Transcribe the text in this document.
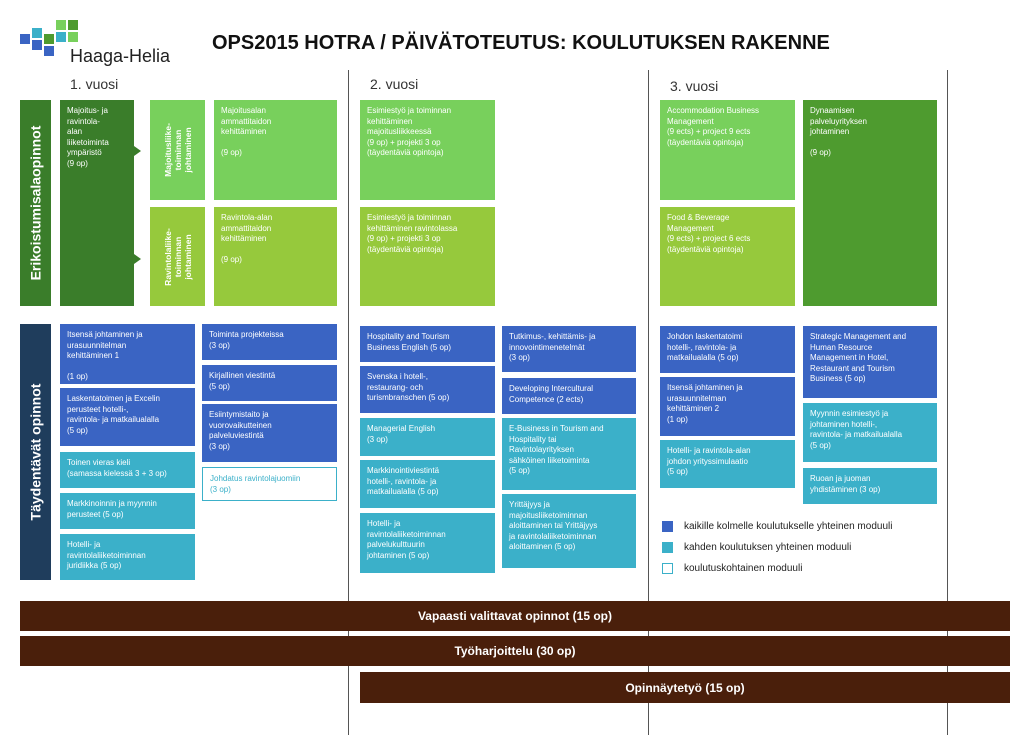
Haaga-Helia
OPS2015 HOTRA / PÄIVÄTOTEUTUS: KOULUTUKSEN RAKENNE
1. vuosi	2. vuosi	3. vuosi
Erikoistumisalaopinnot
Majoitus- ja
ravintola-
alan
liiketoiminta
ympäristö
(9 op)	Majoitusliike-
toiminnan
johtaminen
Ravintolaliike-
toiminnan
johtaminen
Majoitusalan
ammattitaidon
kehittäminen

(9 op)
Ravintola-alan
ammattitaidon
kehittäminen

(9 op)
Esimiestyö ja toiminnan
kehittäminen
majoitusliikkeessä
(9 op) + projekti 3 op
(täydentäviä opintoja)
Esimiestyö ja toiminnan
kehittäminen ravintolassa
(9 op) + projekti 3 op
(täydentäviä opintoja)
Accommodation Business
Management
(9 ects) + project 9 ects
(täydentäviä opintoja)
Food & Beverage
Management
(9 ects) + project 6 ects
(täydentäviä opintoja)
Dynaamisen
palveluyrityksen
johtaminen

(9 op)
Täydentävät opinnot
Itsensä johtaminen ja
urasuunnitelman
kehittäminen 1

(1 op)
Laskentatoimen ja Excelin
perusteet hotelli-,
ravintola- ja matkailualalla
(5 op)
Toinen vieras kieli
(samassa kielessä 3 + 3 op)
Markkinoinnin ja myynnin
perusteet (5 op)
Hotelli- ja
ravintolaliiketoiminnan
juridiikka (5 op)
Toiminta projekteissa
(3 op)
Kirjallinen viestintä
(5 op)
Esiintymistaito ja
vuorovaikutteinen
palveluviestintä
(3 op)
Johdatus ravintolajuomiin
(3 op)
Hospitality and Tourism
Business English (5 op)
Svenska i hotell-,
restaurang- och
turismbranschen (5 op)
Managerial English
(3 op)
Markkinointiviestintä
hotelli-, ravintola- ja
matkailualalla (5 op)
Hotelli- ja
ravintolaliiketoiminnan
palvelukulttuurin
johtaminen (5 op)
Tutkimus-, kehittämis- ja
innovointimenetelmät
(3 op)
Developing Intercultural
Competence (2 ects)
E-Business in Tourism and
Hospitality tai
Ravintolayrityksen
sähköinen liiketoiminta
(5 op)
Yrittäjyys ja
majoitusliiketoiminnan
aloittaminen tai Yrittäjyys
ja ravintolaliiketoiminnan
aloittaminen (5 op)
Johdon laskentatoimi
hotelli-, ravintola- ja
matkailualalla (5 op)
Itsensä johtaminen ja
urasuunnitelman
kehittäminen 2
(1 op)
Hotelli- ja ravintola-alan
johdon yrityssimulaatio
(5 op)
Strategic Management and
Human Resource
Management in Hotel,
Restaurant and Tourism
Business (5 op)
Myynnin esimiestyö ja
johtaminen hotelli-,
ravintola- ja matkailualalla
(5 op)
Ruoan ja juoman
yhdistäminen (3 op)
kaikille kolmelle koulutukselle yhteinen moduuli
kahden koulutuksen yhteinen moduuli
koulutuskohtainen moduuli
Vapaasti valittavat opinnot (15 op)
Työharjoittelu (30 op)
Opinnäytetyö (15 op)
